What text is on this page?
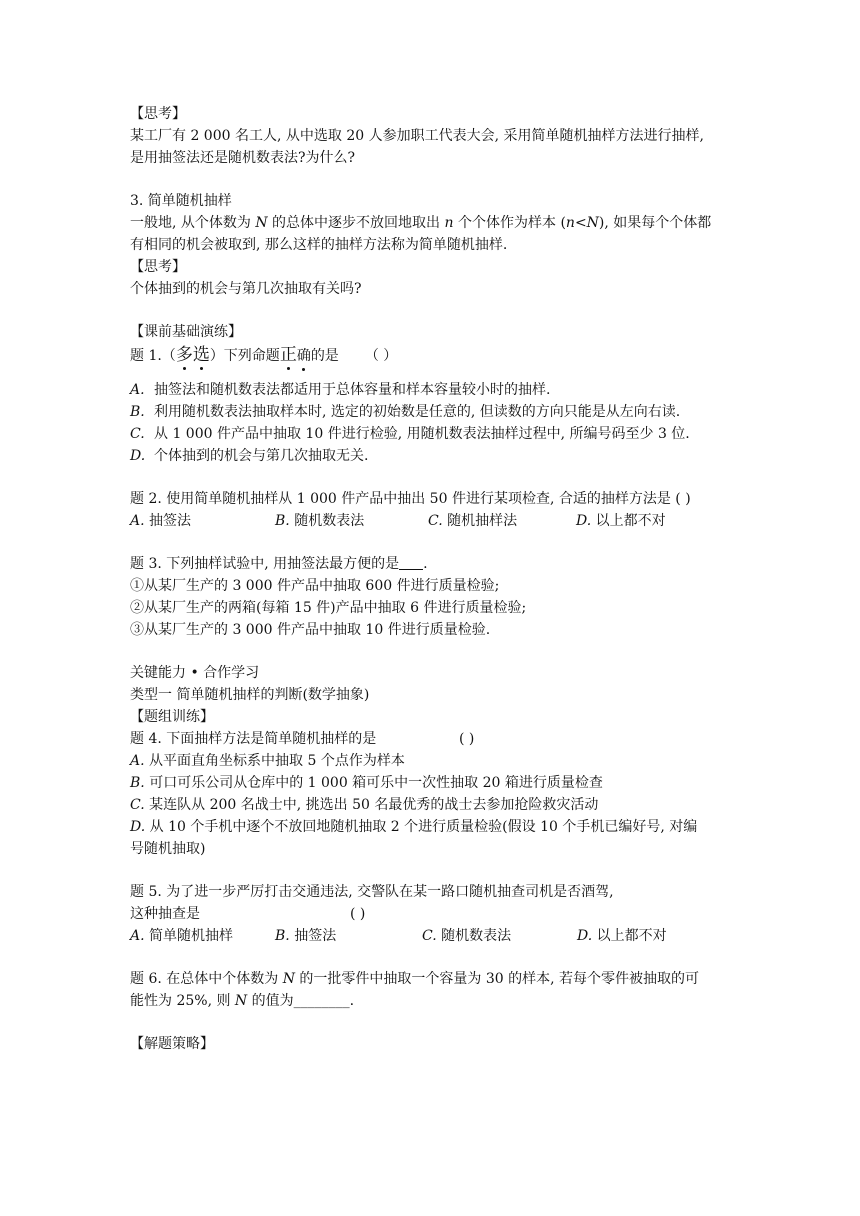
【思考】
某工厂有 2 000 名工人, 从中选取 20 人参加职工代表大会, 采用简单随机抽样方法进行抽样,
是用抽签法还是随机数表法?为什么?
3. 简单随机抽样
一般地, 从个体数为 N 的总体中逐步不放回地取出 n 个个体作为样本 (n<N), 如果每个个体都
有相同的机会被取到, 那么这样的抽样方法称为简单随机抽样.
【思考】
个体抽到的机会与第几次抽取有关吗?
【课前基础演练】
题 1.（多选）下列命题正确的是 （ ）
A. 抽签法和随机数表法都适用于总体容量和样本容量较小时的抽样.
B. 利用随机数表法抽取样本时, 选定的初始数是任意的, 但读数的方向只能是从左向右读.
C. 从 1 000 件产品中抽取 10 件进行检验, 用随机数表法抽样过程中, 所编号码至少 3 位.
D. 个体抽到的机会与第几次抽取无关.
题 2. 使用简单随机抽样从 1 000 件产品中抽出 50 件进行某项检查, 合适的抽样方法是 ( )
A. 抽签法	B. 随机数表法	C. 随机抽样法	D. 以上都不对
题 3. 下列抽样试验中, 用抽签法最方便的是 .
①从某厂生产的 3 000 件产品中抽取 600 件进行质量检验;
②从某厂生产的两箱(每箱 15 件)产品中抽取 6 件进行质量检验;
③从某厂生产的 3 000 件产品中抽取 10 件进行质量检验.
关键能力 • 合作学习
类型一 简单随机抽样的判断(数学抽象)
【题组训练】
题 4. 下面抽样方法是简单随机抽样的是	( )
A. 从平面直角坐标系中抽取 5 个点作为样本
B. 可口可乐公司从仓库中的 1 000 箱可乐中一次性抽取 20 箱进行质量检查
C. 某连队从 200 名战士中, 挑选出 50 名最优秀的战士去参加抢险救灾活动
D. 从 10 个手机中逐个不放回地随机抽取 2 个进行质量检验(假设 10 个手机已编好号, 对编
号随机抽取)
题 5. 为了进一步严厉打击交通违法, 交警队在某一路口随机抽查司机是否酒驾,
这种抽查是	( )
A. 简单随机抽样	B. 抽签法	C. 随机数表法	D. 以上都不对
题 6. 在总体中个体数为 N 的一批零件中抽取一个容量为 30 的样本, 若每个零件被抽取的可
能性为 25%, 则 N 的值为________.
【解题策略】
